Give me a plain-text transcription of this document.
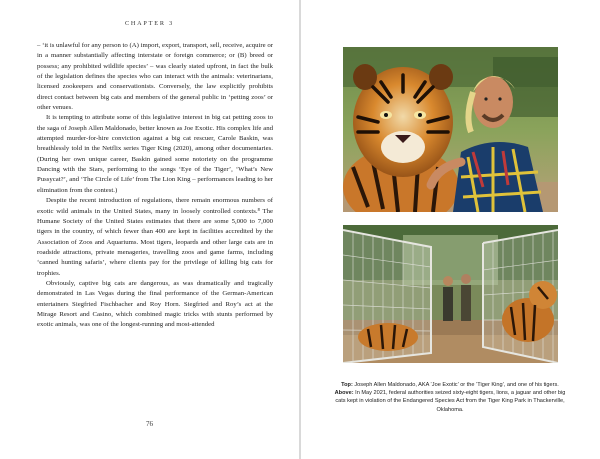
CHAPTER 3

– ‘it is unlawful for any person to (A) import, export, transport, sell, receive, acquire or in a manner substantially affecting interstate or foreign commerce; or (B) breed or possess; any prohibited wildlife species’ – was clearly stated upfront, in fact the bulk of the legislation defines the species who can interact with the animals: veterinarians, licensed zookeepers and conservationists. Conversely, the law explicitly prohibits direct contact between big cats and members of the general public in ‘petting zoos’ or other venues.

It is tempting to attribute some of this legislative interest in big cat petting zoos to the saga of Joseph Allen Maldonado, better known as Joe Exotic. His complex life and attempted murder-for-hire conviction against a big cat rescuer, Carole Baskin, was breathlessly told in the Netflix series Tiger King (2020), among other documentaries. (During her own unique career, Baskin gained some notoriety on the programme Dancing with the Stars, performing to the songs ‘Eye of the Tiger’, ‘What’s New Pussycat?’, and ‘The Circle of Life’ from The Lion King – performances leading to her elimination from the contest.)

Despite the recent introduction of regulations, there remain enormous numbers of exotic wild animals in the United States, many in loosely controlled contexts.⁸ The Humane Society of the United States estimates that there are some 5,000 to 7,000 tigers in the country, of which fewer than 400 are kept in facilities accredited by the Association of Zoos and Aquariums. Most tigers, leopards and other large cats are in roadside attractions, private menageries, travelling zoos and game farms, including ‘canned hunting safaris’, where clients pay for the privilege of killing big cats for trophies.

Obviously, captive big cats are dangerous, as was dramatically and tragically demonstrated in Las Vegas during the final performance of the German-American entertainers Siegfried Fischbacher and Roy Horn. Siegfried and Roy’s act at the Mirage Resort and Casino, which combined magic tricks with stunts performed by exotic animals, was one of the longest-running and most-attended

76
Top: Joseph Allen Maldonado, AKA ‘Joe Exotic’ or the ‘Tiger King’, and one of his tigers.
Above: In May 2021, federal authorities seized sixty-eight tigers, lions, a jaguar and other big cats kept in violation of the Endangered Species Act from the Tiger King Park in Thackerville, Oklahoma.
